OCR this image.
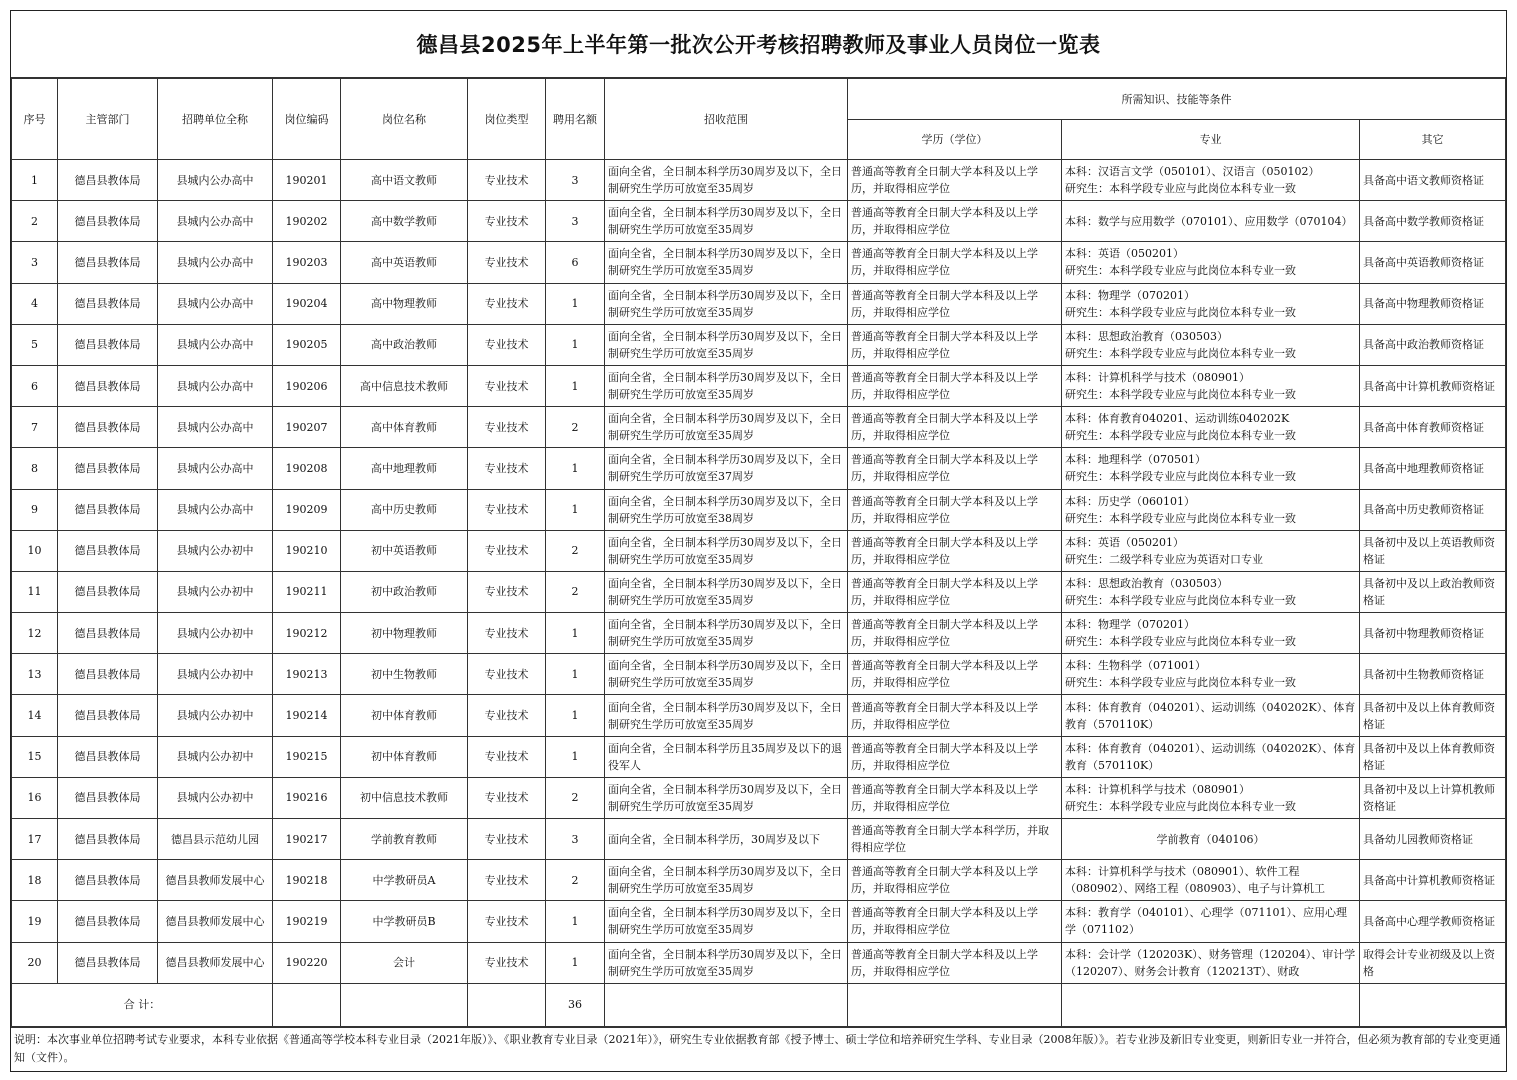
德昌县2025年上半年第一批次公开考核招聘教师及事业人员岗位一览表
序号	主管部门	招聘单位全称	岗位编码	岗位名称	岗位类型	聘用名额	招收范围	所需知识、技能等条件		
								学历（学位）	专业	其它
1	德昌县教体局	县城内公办高中	190201	高中语文教师	专业技术	3	面向全省，全日制本科学历30周岁及以下，全日制研究生学历可放宽至35周岁	普通高等教育全日制大学本科及以上学历，并取得相应学位	本科：汉语言文学（050101）、汉语言（050102）
研究生：本科学段专业应与此岗位本科专业一致	具备高中语文教师资格证
2	德昌县教体局	县城内公办高中	190202	高中数学教师	专业技术	3	面向全省，全日制本科学历30周岁及以下，全日制研究生学历可放宽至35周岁	普通高等教育全日制大学本科及以上学历，并取得相应学位	本科：数学与应用数学（070101）、应用数学（070104）	具备高中数学教师资格证
3	德昌县教体局	县城内公办高中	190203	高中英语教师	专业技术	6	面向全省，全日制本科学历30周岁及以下，全日制研究生学历可放宽至35周岁	普通高等教育全日制大学本科及以上学历，并取得相应学位	本科：英语（050201）
研究生：本科学段专业应与此岗位本科专业一致	具备高中英语教师资格证
4	德昌县教体局	县城内公办高中	190204	高中物理教师	专业技术	1	面向全省，全日制本科学历30周岁及以下，全日制研究生学历可放宽至35周岁	普通高等教育全日制大学本科及以上学历，并取得相应学位	本科：物理学（070201）
研究生：本科学段专业应与此岗位本科专业一致	具备高中物理教师资格证
5	德昌县教体局	县城内公办高中	190205	高中政治教师	专业技术	1	面向全省，全日制本科学历30周岁及以下，全日制研究生学历可放宽至35周岁	普通高等教育全日制大学本科及以上学历，并取得相应学位	本科：思想政治教育（030503）
研究生：本科学段专业应与此岗位本科专业一致	具备高中政治教师资格证
6	德昌县教体局	县城内公办高中	190206	高中信息技术教师	专业技术	1	面向全省，全日制本科学历30周岁及以下，全日制研究生学历可放宽至35周岁	普通高等教育全日制大学本科及以上学历，并取得相应学位	本科：计算机科学与技术（080901）
研究生：本科学段专业应与此岗位本科专业一致	具备高中计算机教师资格证
7	德昌县教体局	县城内公办高中	190207	高中体育教师	专业技术	2	面向全省，全日制本科学历30周岁及以下，全日制研究生学历可放宽至35周岁	普通高等教育全日制大学本科及以上学历，并取得相应学位	本科：体育教育040201、运动训练040202K
研究生：本科学段专业应与此岗位本科专业一致	具备高中体育教师资格证
8	德昌县教体局	县城内公办高中	190208	高中地理教师	专业技术	1	面向全省，全日制本科学历30周岁及以下，全日制研究生学历可放宽至37周岁	普通高等教育全日制大学本科及以上学历，并取得相应学位	本科：地理科学（070501）
研究生：本科学段专业应与此岗位本科专业一致	具备高中地理教师资格证
9	德昌县教体局	县城内公办高中	190209	高中历史教师	专业技术	1	面向全省，全日制本科学历30周岁及以下，全日制研究生学历可放宽至38周岁	普通高等教育全日制大学本科及以上学历，并取得相应学位	本科：历史学（060101）
研究生：本科学段专业应与此岗位本科专业一致	具备高中历史教师资格证
10	德昌县教体局	县城内公办初中	190210	初中英语教师	专业技术	2	面向全省，全日制本科学历30周岁及以下，全日制研究生学历可放宽至35周岁	普通高等教育全日制大学本科及以上学历，并取得相应学位	本科：英语（050201）
研究生：二级学科专业应为英语对口专业	具备初中及以上英语教师资格证
11	德昌县教体局	县城内公办初中	190211	初中政治教师	专业技术	2	面向全省，全日制本科学历30周岁及以下，全日制研究生学历可放宽至35周岁	普通高等教育全日制大学本科及以上学历，并取得相应学位	本科：思想政治教育（030503）
研究生：本科学段专业应与此岗位本科专业一致	具备初中及以上政治教师资格证
12	德昌县教体局	县城内公办初中	190212	初中物理教师	专业技术	1	面向全省，全日制本科学历30周岁及以下，全日制研究生学历可放宽至35周岁	普通高等教育全日制大学本科及以上学历，并取得相应学位	本科：物理学（070201）
研究生：本科学段专业应与此岗位本科专业一致	具备初中物理教师资格证
13	德昌县教体局	县城内公办初中	190213	初中生物教师	专业技术	1	面向全省，全日制本科学历30周岁及以下，全日制研究生学历可放宽至35周岁	普通高等教育全日制大学本科及以上学历，并取得相应学位	本科：生物科学（071001）
研究生：本科学段专业应与此岗位本科专业一致	具备初中生物教师资格证
14	德昌县教体局	县城内公办初中	190214	初中体育教师	专业技术	1	面向全省，全日制本科学历30周岁及以下，全日制研究生学历可放宽至35周岁	普通高等教育全日制大学本科及以上学历，并取得相应学位	本科：体育教育（040201）、运动训练（040202K）、体育教育（570110K）	具备初中及以上体育教师资格证
15	德昌县教体局	县城内公办初中	190215	初中体育教师	专业技术	1	面向全省，全日制本科学历且35周岁及以下的退役军人	普通高等教育全日制大学本科及以上学历，并取得相应学位	本科：体育教育（040201）、运动训练（040202K）、体育教育（570110K）	具备初中及以上体育教师资格证
16	德昌县教体局	县城内公办初中	190216	初中信息技术教师	专业技术	2	面向全省，全日制本科学历30周岁及以下，全日制研究生学历可放宽至35周岁	普通高等教育全日制大学本科及以上学历，并取得相应学位	本科：计算机科学与技术（080901）
研究生：本科学段专业应与此岗位本科专业一致	具备初中及以上计算机教师资格证
17	德昌县教体局	德昌县示范幼儿园	190217	学前教育教师	专业技术	3	面向全省，全日制本科学历，30周岁及以下	普通高等教育全日制大学本科学历，并取得相应学位	学前教育（040106）	具备幼儿园教师资格证
18	德昌县教体局	德昌县教师发展中心	190218	中学教研员A	专业技术	2	面向全省，全日制本科学历30周岁及以下，全日制研究生学历可放宽至35周岁	普通高等教育全日制大学本科及以上学历，并取得相应学位	本科：计算机科学与技术（080901）、软件工程（080902）、网络工程（080903）、电子与计算机工	具备高中计算机教师资格证
19	德昌县教体局	德昌县教师发展中心	190219	中学教研员B	专业技术	1	面向全省，全日制本科学历30周岁及以下，全日制研究生学历可放宽至35周岁	普通高等教育全日制大学本科及以上学历，并取得相应学位	本科：教育学（040101）、心理学（071101）、应用心理学（071102）	具备高中心理学教师资格证
20	德昌县教体局	德昌县教师发展中心	190220	会计	专业技术	1	面向全省，全日制本科学历30周岁及以下，全日制研究生学历可放宽至35周岁	普通高等教育全日制大学本科及以上学历，并取得相应学位	本科：会计学（120203K）、财务管理（120204）、审计学（120207）、财务会计教育（120213T）、财政	取得会计专业初级及以上资格
合 计：						36				
说明：本次事业单位招聘考试专业要求，本科专业依据《普通高等学校本科专业目录（2021年版）》、《职业教育专业目录（2021年）》，研究生专业依据教育部《授予博士、硕士学位和培养研究生学科、专业目录（2008年版）》。若专业涉及新旧专业变更，则新旧专业一并符合，但必须为教育部的专业变更通知（文件）。
